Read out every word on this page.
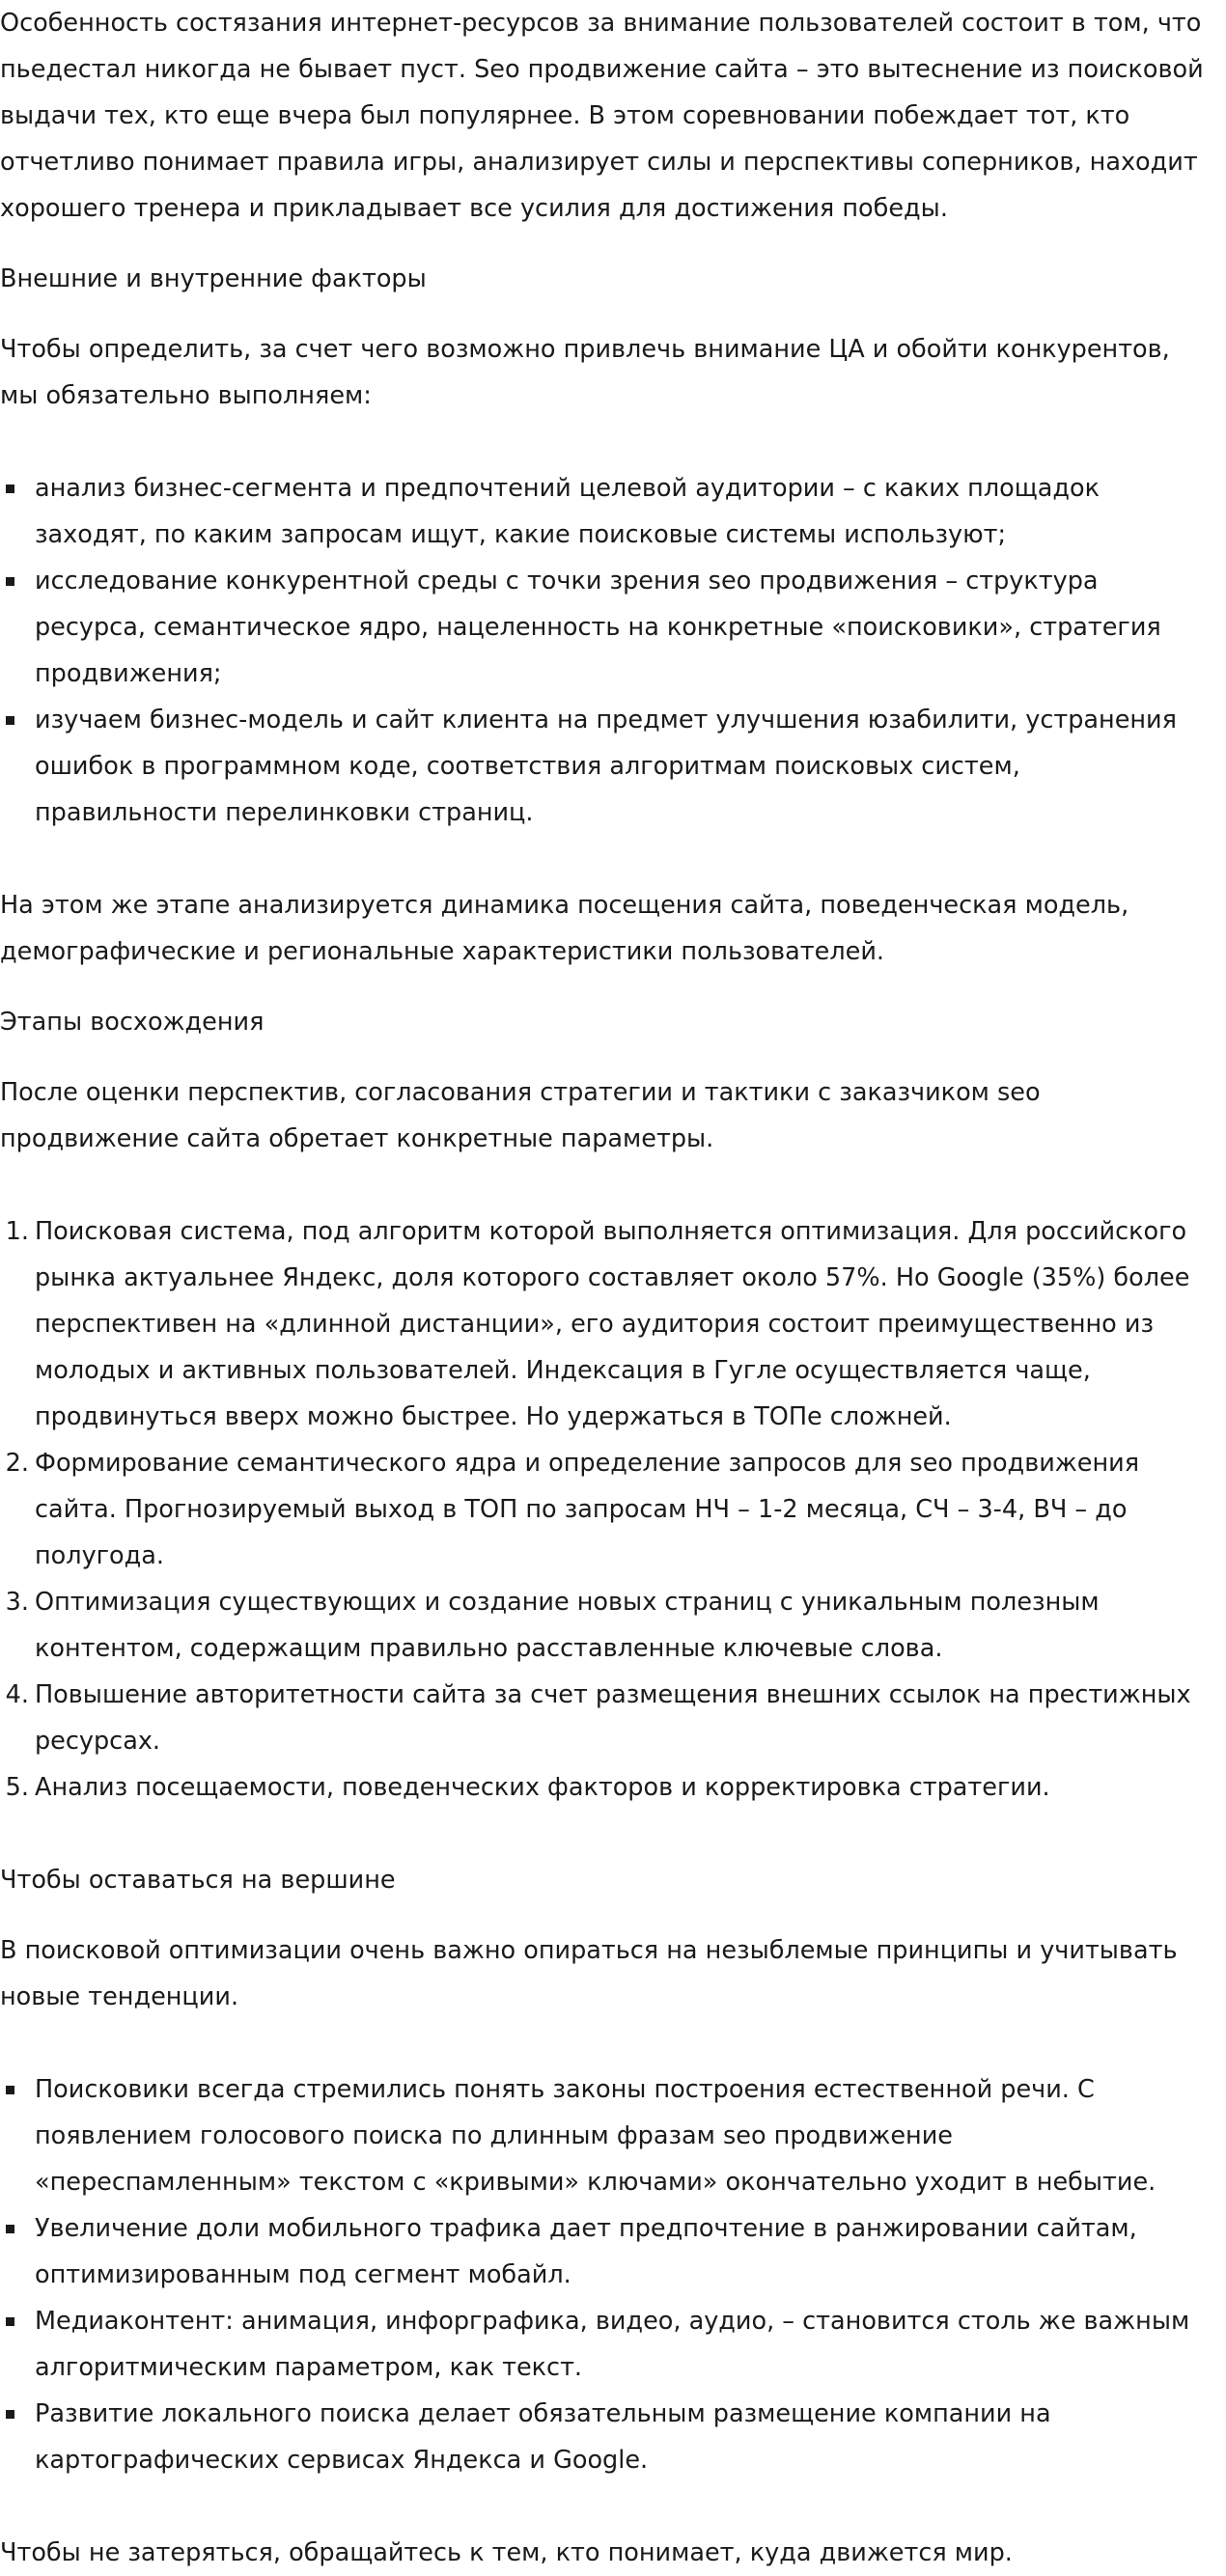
Особенность состязания интернет-ресурсов за внимание пользователей состоит в том, что

пьедестал никогда не бывает пуст. Seo продвижение сайта – это вытеснение из поисковой

выдачи тех, кто еще вчера был популярнее. В этом соревновании побеждает тот, кто

отчетливо понимает правила игры, анализирует силы и перспективы соперников, находит

хорошего тренера и прикладывает все усилия для достижения победы.

Внешние и внутренние факторы

Чтобы определить, за счет чего возможно привлечь внимание ЦА и обойти конкурентов,

мы обязательно выполняем:

анализ бизнес-сегмента и предпочтений целевой аудитории – с каких площадок
заходят, по каким запросам ищут, какие поисковые системы используют;
исследование конкурентной среды с точки зрения seo продвижения – структура
ресурса, семантическое ядро, нацеленность на конкретные «поисковики», стратегия
продвижения;
изучаем бизнес-модель и сайт клиента на предмет улучшения юзабилити, устранения
ошибок в программном коде, соответствия алгоритмам поисковых систем,
правильности перелинковки страниц.

На этом же этапе анализируется динамика посещения сайта, поведенческая модель,

демографические и региональные характеристики пользователей.

Этапы восхождения

После оценки перспектив, согласования стратегии и тактики с заказчиком seo

продвижение сайта обретает конкретные параметры.

1. Поисковая система, под алгоритм которой выполняется оптимизация. Для российского
рынка актуальнее Яндекс, доля которого составляет около 57%. Но Google (35%) более
перспективен на «длинной дистанции», его аудитория состоит преимущественно из
молодых и активных пользователей. Индексация в Гугле осуществляется чаще,
продвинуться вверх можно быстрее. Но удержаться в ТОПе сложней.
2. Формирование семантического ядра и определение запросов для seo продвижения
сайта. Прогнозируемый выход в ТОП по запросам НЧ – 1-2 месяца, СЧ – 3-4, ВЧ – до
полугода.
3. Оптимизация существующих и создание новых страниц с уникальным полезным
контентом, содержащим правильно расставленные ключевые слова.
4. Повышение авторитетности сайта за счет размещения внешних ссылок на престижных
ресурсах.
5. Анализ посещаемости, поведенческих факторов и корректировка стратегии.

Чтобы оставаться на вершине

В поисковой оптимизации очень важно опираться на незыблемые принципы и учитывать

новые тенденции.

Поисковики всегда стремились понять законы построения естественной речи. С
появлением голосового поиска по длинным фразам seo продвижение
«переспамленным» текстом с «кривыми» ключами» окончательно уходит в небытие.
Увеличение доли мобильного трафика дает предпочтение в ранжировании сайтам,
оптимизированным под сегмент мобайл.
Медиаконтент: анимация, инфорграфика, видео, аудио, – становится столь же важным
алгоритмическим параметром, как текст.
Развитие локального поиска делает обязательным размещение компании на
картографических сервисах Яндекса и Google.

Чтобы не затеряться, обращайтесь к тем, кто понимает, куда движется мир.
